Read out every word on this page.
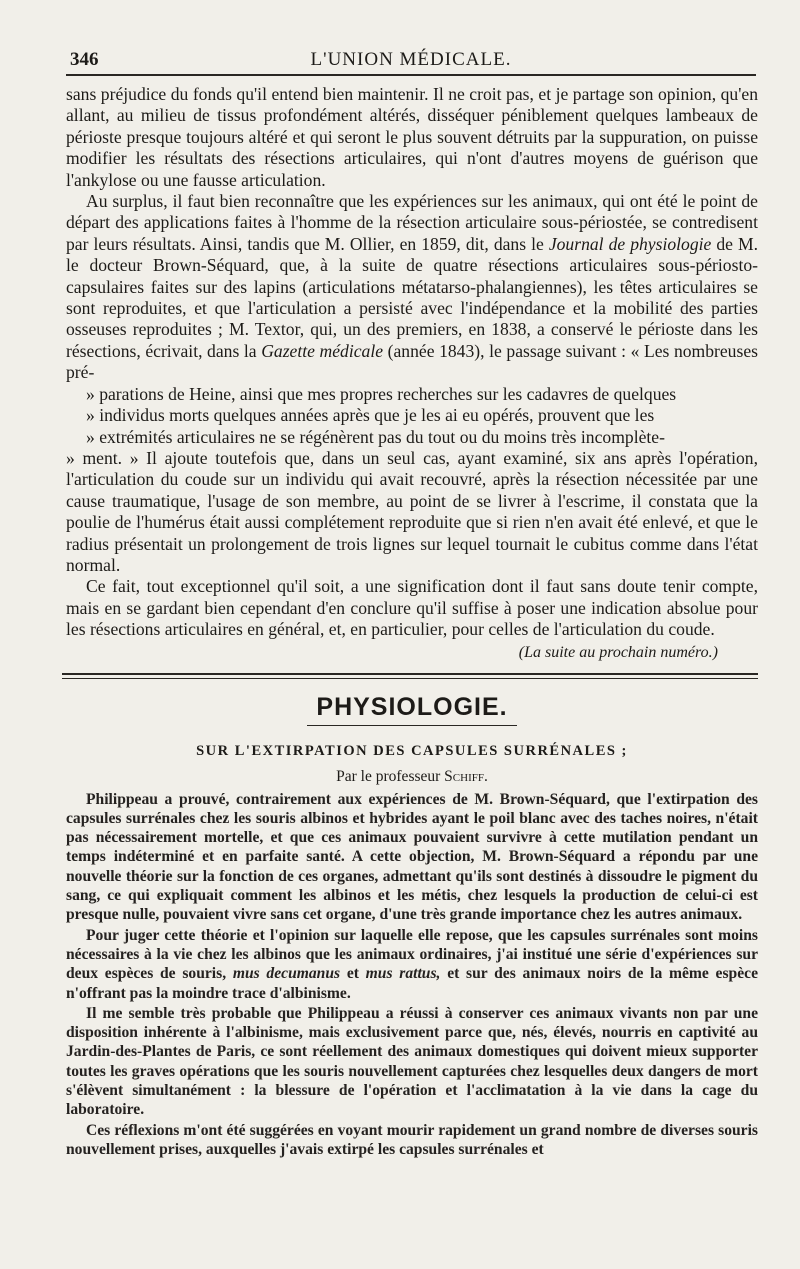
346	L'UNION MÉDICALE.

sans préjudice du fonds qu'il entend bien maintenir. Il ne croit pas, et je partage son opinion, qu'en allant, au milieu de tissus profondément altérés, disséquer péniblement quelques lambeaux de périoste presque toujours altéré et qui seront le plus souvent détruits par la suppuration, on puisse modifier les résultats des résections articulaires, qui n'ont d'autres moyens de guérison que l'ankylose ou une fausse articulation.

Au surplus, il faut bien reconnaître que les expériences sur les animaux, qui ont été le point de départ des applications faites à l'homme de la résection articulaire sous-périostée, se contredisent par leurs résultats. Ainsi, tandis que M. Ollier, en 1859, dit, dans le Journal de physiologie de M. le docteur Brown-Séquard, que, à la suite de quatre résections articulaires sous-périosto-capsulaires faites sur des lapins (articulations métatarso-phalangiennes), les têtes articulaires se sont reproduites, et que l'articulation a persisté avec l'indépendance et la mobilité des parties osseuses reproduites ; M. Textor, qui, un des premiers, en 1838, a conservé le périoste dans les résections, écrivait, dans la Gazette médicale (année 1843), le passage suivant : « Les nombreuses pré-
» parations de Heine, ainsi que mes propres recherches sur les cadavres de quelques
» individus morts quelques années après que je les ai eu opérés, prouvent que les
» extrémités articulaires ne se régénèrent pas du tout ou du moins très incomplète-
» ment. » Il ajoute toutefois que, dans un seul cas, ayant examiné, six ans après l'opération, l'articulation du coude sur un individu qui avait recouvré, après la résection nécessitée par une cause traumatique, l'usage de son membre, au point de se livrer à l'escrime, il constata que la poulie de l'humérus était aussi complétement reproduite que si rien n'en avait été enlevé, et que le radius présentait un prolongement de trois lignes sur lequel tournait le cubitus comme dans l'état normal.

Ce fait, tout exceptionnel qu'il soit, a une signification dont il faut sans doute tenir compte, mais en se gardant bien cependant d'en conclure qu'il suffise à poser une indication absolue pour les résections articulaires en général, et, en particulier, pour celles de l'articulation du coude.

(La suite au prochain numéro.)
PHYSIOLOGIE.
SUR L'EXTIRPATION DES CAPSULES SURRÉNALES ;
Par le professeur Schiff.

Philippeau a prouvé, contrairement aux expériences de M. Brown-Séquard, que l'extirpation des capsules surrénales chez les souris albinos et hybrides ayant le poil blanc avec des taches noires, n'était pas nécessairement mortelle, et que ces animaux pouvaient survivre à cette mutilation pendant un temps indéterminé et en parfaite santé. A cette objection, M. Brown-Séquard a répondu par une nouvelle théorie sur la fonction de ces organes, admettant qu'ils sont destinés à dissoudre le pigment du sang, ce qui expliquait comment les albinos et les métis, chez lesquels la production de celui-ci est presque nulle, pouvaient vivre sans cet organe, d'une très grande importance chez les autres animaux.

Pour juger cette théorie et l'opinion sur laquelle elle repose, que les capsules surrénales sont moins nécessaires à la vie chez les albinos que les animaux ordinaires, j'ai institué une série d'expériences sur deux espèces de souris, mus decumanus et mus rattus, et sur des animaux noirs de la même espèce n'offrant pas la moindre trace d'albinisme.

Il me semble très probable que Philippeau a réussi à conserver ces animaux vivants non par une disposition inhérente à l'albinisme, mais exclusivement parce que, nés, élevés, nourris en captivité au Jardin-des-Plantes de Paris, ce sont réellement des animaux domestiques qui doivent mieux supporter toutes les graves opérations que les souris nouvellement capturées chez lesquelles deux dangers de mort s'élèvent simultanément : la blessure de l'opération et l'acclimatation à la vie dans la cage du laboratoire.

Ces réflexions m'ont été suggérées en voyant mourir rapidement un grand nombre de diverses souris nouvellement prises, auxquelles j'avais extirpé les capsules surrénales et
